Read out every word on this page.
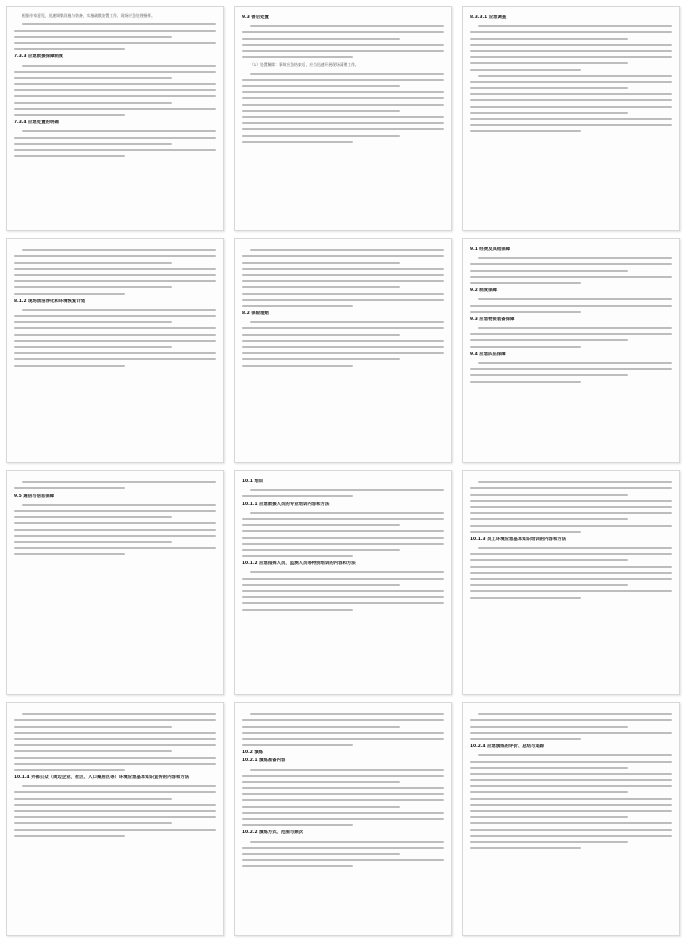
根据专家意见，迅速调集设施与装备，实施疏散安置工作，现场应急处理指挥。

7.3.3 应急救援保障制度
7.3.4 应急处置的明确
9.3 善后处置

（1）处置解除：事故应急结束后，应当迅速开展现场清理工作。

8.3.3.1 应急调查
8.1.2 现场清洁净化和环境恢复计划
8.2 保险理赔
9.1 经费及其他保障
9.2 制度保障
9.3 应急物资装备保障
9.4 应急队伍保障
9.5 通信与信息保障
10.1 培训
10.1.1 应急救援人员的专业培训内容和方法
10.1.2 应急指挥人员、监测人员等特别培训的内容和方法
10.1.3 员工环境应急基本知识培训的内容和方法
10.1.4 外部公众（周边企业、社区、人口聚居区等）环境应急基本知识宣传的内容和方法
10.2 演练
10.2.1 演练准备内容
10.2.2 演练方式、范围与频次
10.2.4 应急演练的评价、总结与追踪
